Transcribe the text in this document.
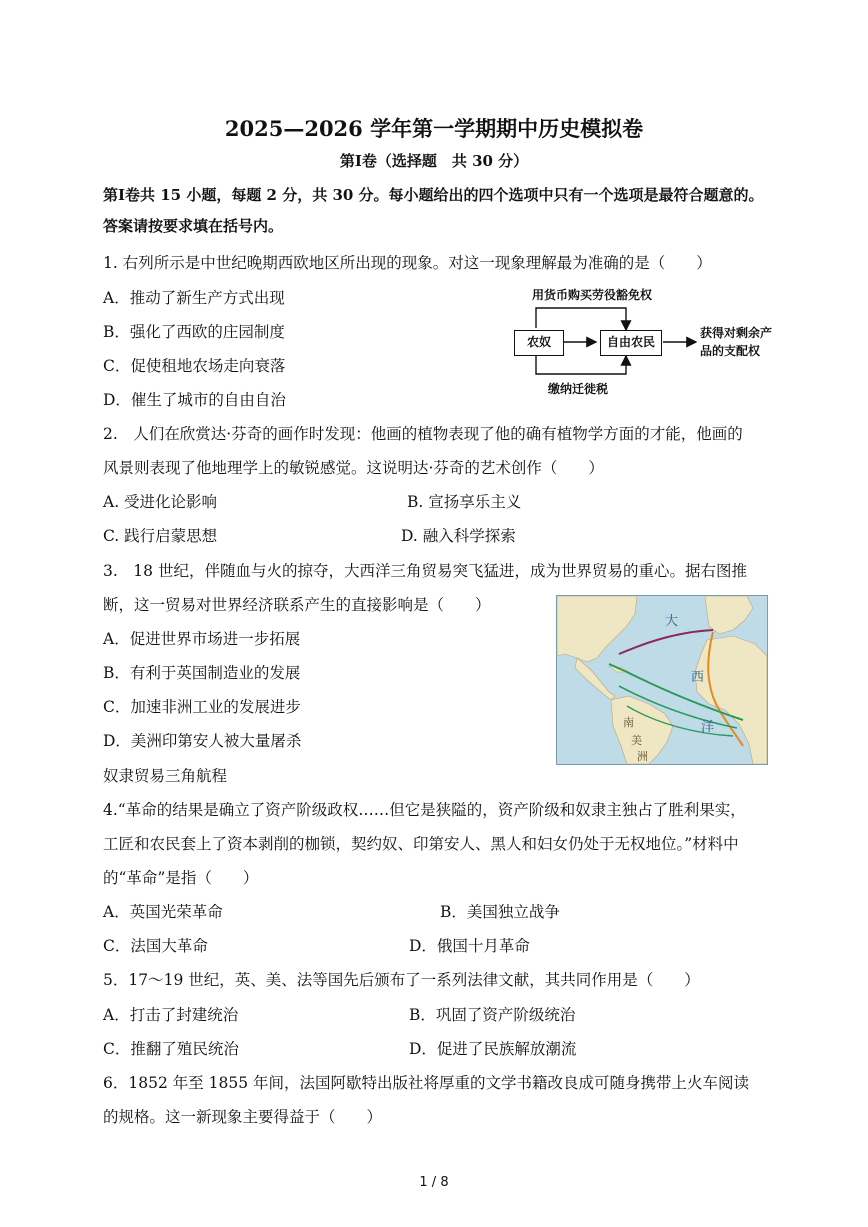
2025—2026 学年第一学期期中历史模拟卷
第Ⅰ卷（选择题　共 30 分）
第Ⅰ卷共 15 小题，每题 2 分，共 30 分。每小题给出的四个选项中只有一个选项是最符合题意的。
答案请按要求填在括号内。
1. 右列所示是中世纪晚期西欧地区所出现的现象。对这一现象理解最为准确的是（　　）
A．推动了新生产方式出现
B．强化了西欧的庄园制度
C．促使租地农场走向衰落
D．催生了城市的自由自治
用货币购买劳役豁免权
农奴	自由农民
获得对剩余产
品的支配权
缴纳迁徙税
2.　人们在欣赏达·芬奇的画作时发现：他画的植物表现了他的确有植物学方面的才能，他画的
风景则表现了他地理学上的敏锐感觉。这说明达·芬奇的艺术创作（　　）
A. 受进化论影响	B. 宣扬享乐主义
C. 践行启蒙思想	D. 融入科学探索
3.　18 世纪，伴随血与火的掠夺，大西洋三角贸易突飞猛进，成为世界贸易的重心。据右图推
断，这一贸易对世界经济联系产生的直接影响是（　　）
A．促进世界市场进一步拓展
B．有利于英国制造业的发展
C．加速非洲工业的发展进步
D．美洲印第安人被大量屠杀
奴隶贸易三角航程
大
西
洋
南
美
洲
4.“革命的结果是确立了资产阶级政权……但它是狭隘的，资产阶级和奴隶主独占了胜利果实，
工匠和农民套上了资本剥削的枷锁，契约奴、印第安人、黑人和妇女仍处于无权地位。”材料中
的“革命”是指（　　）
A．英国光荣革命	B．美国独立战争
C．法国大革命	D．俄国十月革命
5．17～19 世纪，英、美、法等国先后颁布了一系列法律文献，其共同作用是（　　）
A．打击了封建统治	B．巩固了资产阶级统治
C．推翻了殖民统治	D．促进了民族解放潮流
6．1852 年至 1855 年间，法国阿歇特出版社将厚重的文学书籍改良成可随身携带上火车阅读
的规格。这一新现象主要得益于（　　）
1 / 8
